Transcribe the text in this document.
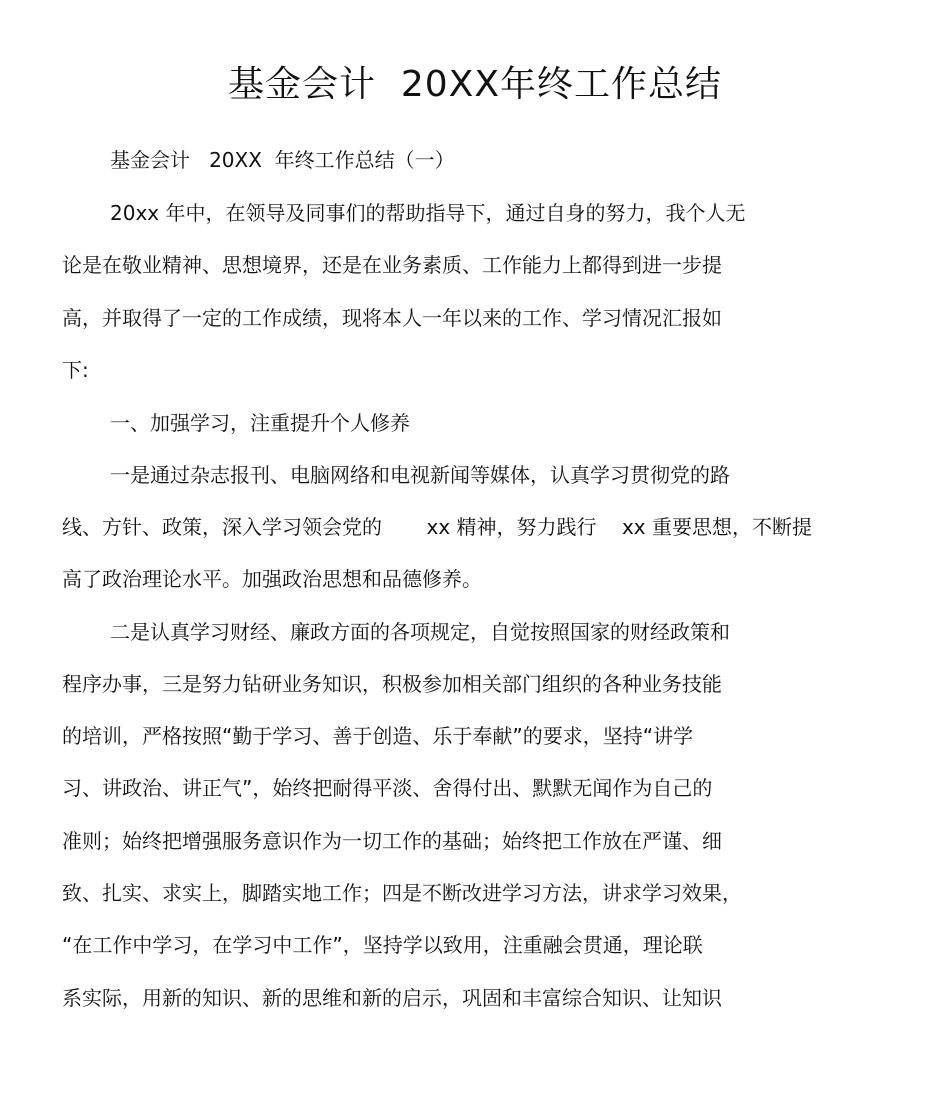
基金会计  20XX年终工作总结
基金会计   20XX  年终工作总结（一）
20xx 年中，在领导及同事们的帮助指导下，通过自身的努力，我个人无
论是在敬业精神、思想境界，还是在业务素质、工作能力上都得到进一步提
高，并取得了一定的工作成绩，现将本人一年以来的工作、学习情况汇报如
下:
一、加强学习，注重提升个人修养
一是通过杂志报刊、电脑网络和电视新闻等媒体，认真学习贯彻党的路
线、方针、政策，深入学习领会党的       xx 精神，努力践行    xx 重要思想，不断提
高了政治理论水平。加强政治思想和品德修养。
二是认真学习财经、廉政方面的各项规定，自觉按照国家的财经政策和
程序办事，三是努力钻研业务知识，积极参加相关部门组织的各种业务技能
的培训，严格按照“勤于学习、善于创造、乐于奉献”的要求，坚持“讲学
习、讲政治、讲正气”，始终把耐得平淡、舍得付出、默默无闻作为自己的
准则；始终把增强服务意识作为一切工作的基础；始终把工作放在严谨、细
致、扎实、求实上，脚踏实地工作；四是不断改进学习方法，讲求学习效果，
“在工作中学习，在学习中工作”，坚持学以致用，注重融会贯通，理论联
系实际，用新的知识、新的思维和新的启示，巩固和丰富综合知识、让知识
